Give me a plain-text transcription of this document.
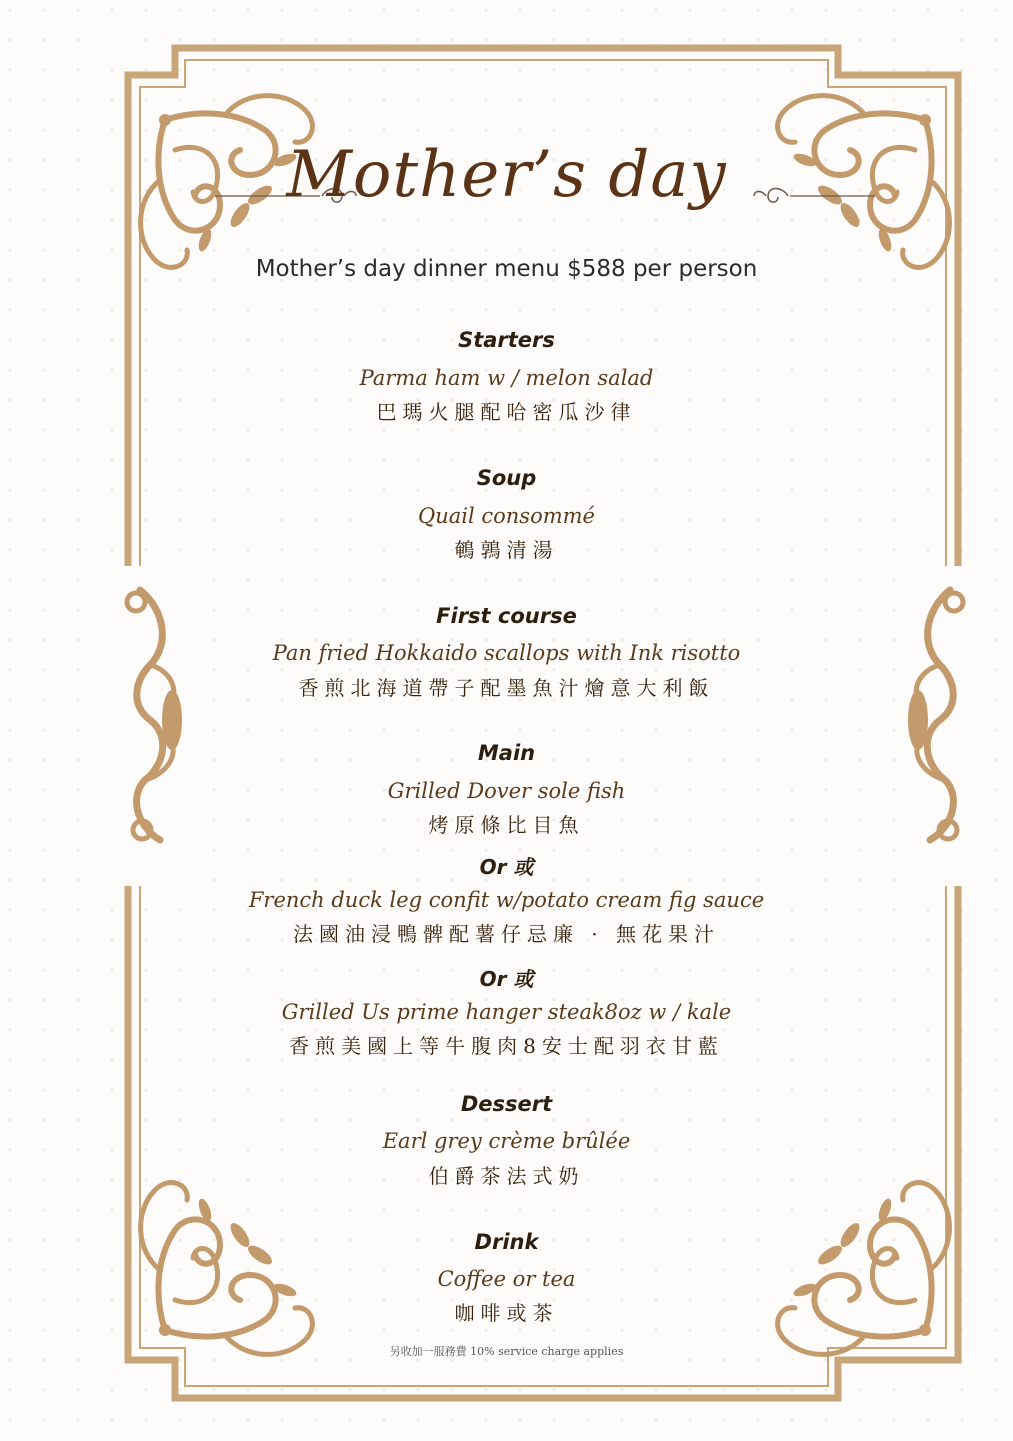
Mother’s day
Mother’s day dinner menu $588 per person
Starters
Parma ham w / melon salad
巴瑪火腿配哈密瓜沙律
Soup
Quail consommé
鵪鶉清湯
First course
Pan fried Hokkaido scallops with Ink risotto
香煎北海道帶子配墨魚汁燴意大利飯
Main
Grilled Dover sole fish
烤原條比目魚
Or 或
French duck leg confit w/potato cream fig sauce
法國油浸鴨髀配薯仔忌廉 · 無花果汁
Or 或
Grilled Us prime hanger steak8oz w / kale
香煎美國上等牛腹肉8安士配羽衣甘藍
Dessert
Earl grey crème brûlée
伯爵茶法式奶
Drink
Coffee or tea
咖啡或茶
另收加一服務費 10% service charge applies
